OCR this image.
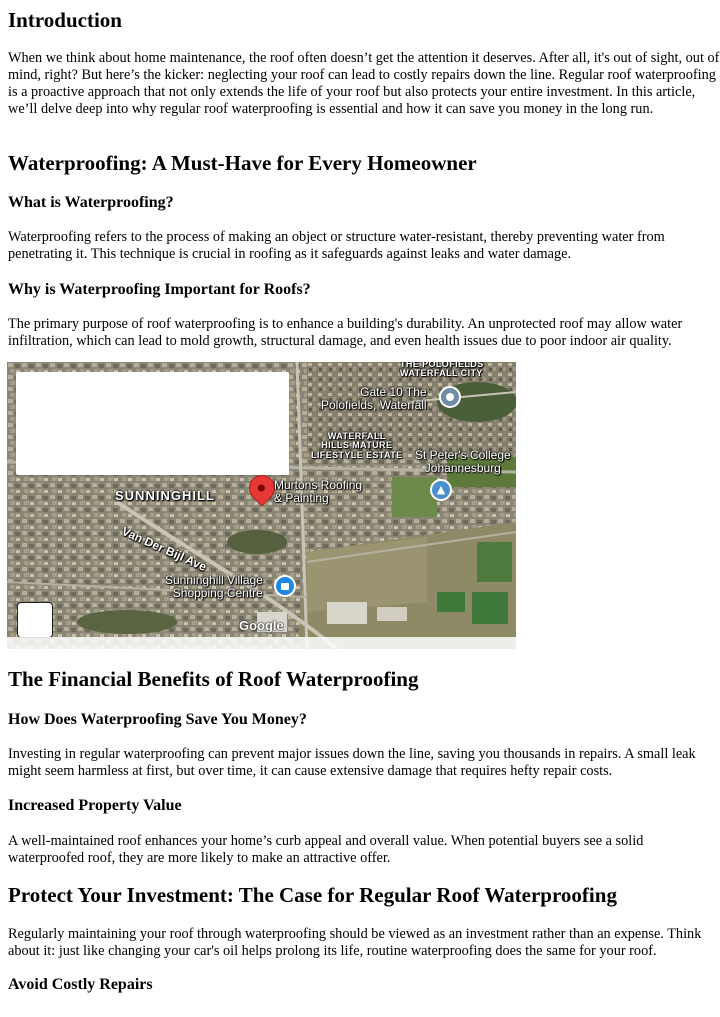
Introduction

When we think about home maintenance, the roof often doesn’t get the attention it deserves. After all, it's out of sight, out of mind, right? But here’s the kicker: neglecting your roof can lead to costly repairs down the line. Regular roof waterproofing is a proactive approach that not only extends the life of your roof but also protects your entire investment. In this article, we’ll delve deep into why regular roof waterproofing is essential and how it can save you money in the long run.

Waterproofing: A Must-Have for Every Homeowner
What is Waterproofing?

Waterproofing refers to the process of making an object or structure water-resistant, thereby preventing water from penetrating it. This technique is crucial in roofing as it safeguards against leaks and water damage.

Why is Waterproofing Important for Roofs?

The primary purpose of roof waterproofing is to enhance a building's durability. An unprotected roof may allow water infiltration, which can lead to mold growth, structural damage, and even health issues due to poor indoor air quality.

THE POLOFIELDS
WATERFALL CITY
Gate 10 The
Polofields, Waterfall
WATERFALL
HILLS MATURE
LIFESTYLE ESTATE St Peter's College
Johannesburg
▲
SUNNINGHILL
Murtons Roofing
& Painting
Van Der Bijl Ave
Sunninghill Village
Shopping Centre
Google
The Financial Benefits of Roof Waterproofing
How Does Waterproofing Save You Money?

Investing in regular waterproofing can prevent major issues down the line, saving you thousands in repairs. A small leak might seem harmless at first, but over time, it can cause extensive damage that requires hefty repair costs.

Increased Property Value

A well-maintained roof enhances your home’s curb appeal and overall value. When potential buyers see a solid waterproofed roof, they are more likely to make an attractive offer.

Protect Your Investment: The Case for Regular Roof Waterproofing

Regularly maintaining your roof through waterproofing should be viewed as an investment rather than an expense. Think about it: just like changing your car's oil helps prolong its life, routine waterproofing does the same for your roof.

Avoid Costly Repairs
